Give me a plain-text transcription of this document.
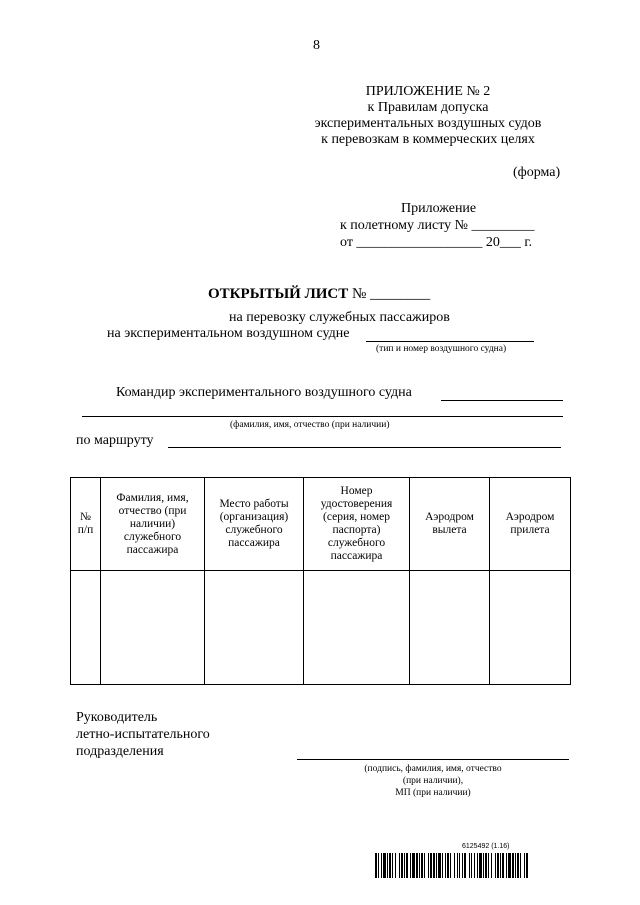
8
ПРИЛОЖЕНИЕ № 2
к Правилам допуска
экспериментальных воздушных судов
к перевозкам в коммерческих целях
(форма)
Приложение
к полетному листу № _________
от __________________ 20___ г.
ОТКРЫТЫЙ ЛИСТ № ________
на перевозку служебных пассажиров
на экспериментальном воздушном судне
(тип и номер воздушного судна)
Командир экспериментального воздушного судна
(фамилия, имя, отчество (при наличии)
по маршруту
№ п/п	Фамилия, имя, отчество (при наличии) служебного пассажира	Место работы (организация) служебного пассажира	Номер удостоверения (серия, номер паспорта) служебного пассажира	Аэродром вылета	Аэродром прилета

Руководитель
летно-испытательного
подразделения
(подпись, фамилия, имя, отчество
(при наличии),
МП (при наличии)
6125492 (1.16)
